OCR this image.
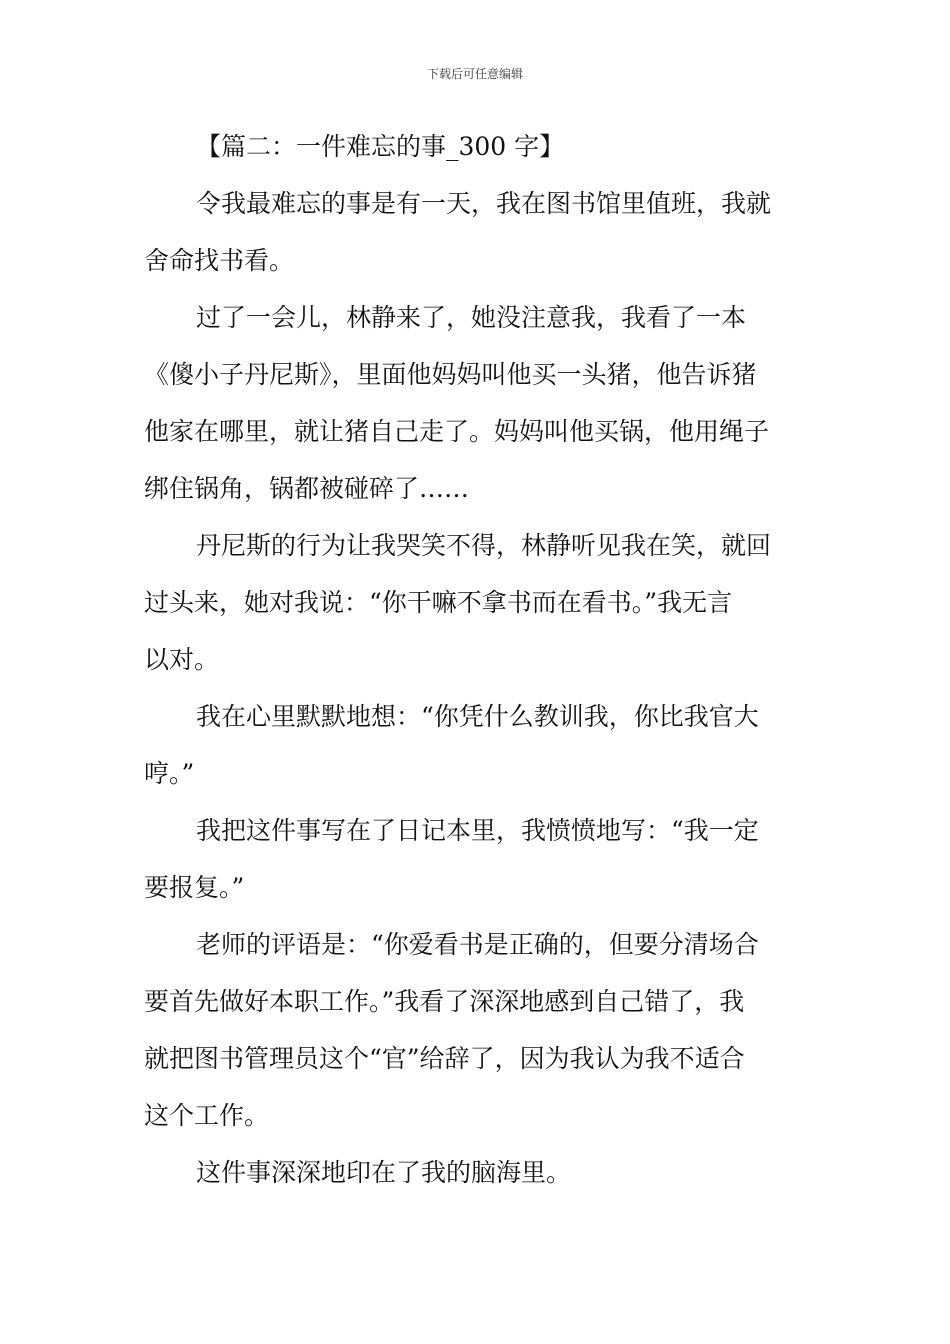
下载后可任意编辑
【篇二：一件难忘的事_300 字】

令我最难忘的事是有一天，我在图书馆里值班，我就
舍命找书看。

过了一会儿，林静来了，她没注意我，我看了一本
《傻小子丹尼斯》，里面他妈妈叫他买一头猪，他告诉猪
他家在哪里，就让猪自己走了。妈妈叫他买锅，他用绳子
绑住锅角，锅都被碰碎了……

丹尼斯的行为让我哭笑不得，林静听见我在笑，就回
过头来，她对我说：“你干嘛不拿书而在看书。”我无言
以对。

我在心里默默地想：“你凭什么教训我，你比我官大
哼。”

我把这件事写在了日记本里，我愤愤地写：“我一定
要报复。”

老师的评语是：“你爱看书是正确的，但要分清场合
要首先做好本职工作。”我看了深深地感到自己错了，我
就把图书管理员这个“官”给辞了，因为我认为我不适合
这个工作。

这件事深深地印在了我的脑海里。
